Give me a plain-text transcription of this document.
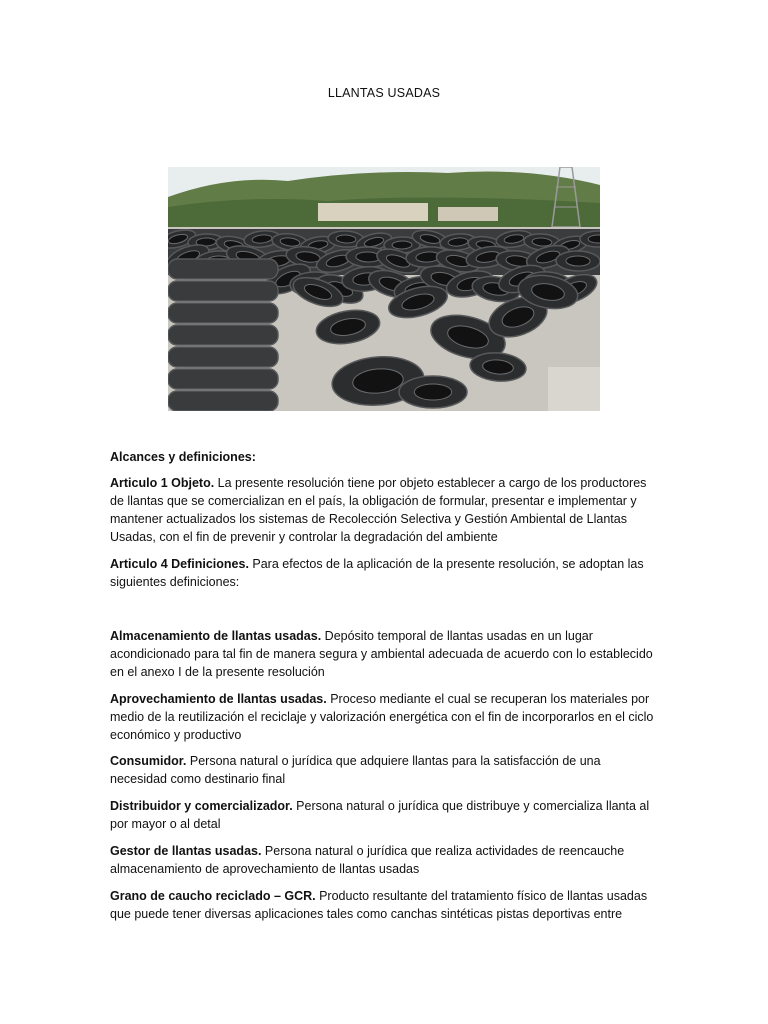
LLANTAS USADAS

Alcances y definiciones:

Articulo 1 Objeto. La presente resolución tiene por objeto establecer a cargo de los productores de llantas que se comercializan en el país, la obligación de formular, presentar e implementar y mantener actualizados los sistemas de Recolección Selectiva y Gestión Ambiental de Llantas Usadas, con el fin de prevenir y controlar la degradación del ambiente

Articulo 4 Definiciones. Para efectos de la aplicación de la presente resolución, se adoptan las siguientes definiciones:

Almacenamiento de llantas usadas. Depósito temporal de llantas usadas en un lugar acondicionado para tal fin de manera segura y ambiental adecuada de acuerdo con lo establecido en el anexo I de la presente resolución

Aprovechamiento de llantas usadas. Proceso mediante el cual se recuperan los materiales por medio de la reutilización el reciclaje y valorización energética con el fin de incorporarlos en el ciclo económico y productivo

Consumidor. Persona natural o jurídica que adquiere llantas para la satisfacción de una necesidad como destinario final

Distribuidor y comercializador. Persona natural o jurídica que distribuye y comercializa llanta al por mayor o al detal

Gestor de llantas usadas. Persona natural o jurídica que realiza actividades de reencauche almacenamiento de aprovechamiento de llantas usadas

Grano de caucho reciclado – GCR. Producto resultante del tratamiento físico de llantas usadas que puede tener diversas aplicaciones tales como canchas sintéticas pistas deportivas entre
